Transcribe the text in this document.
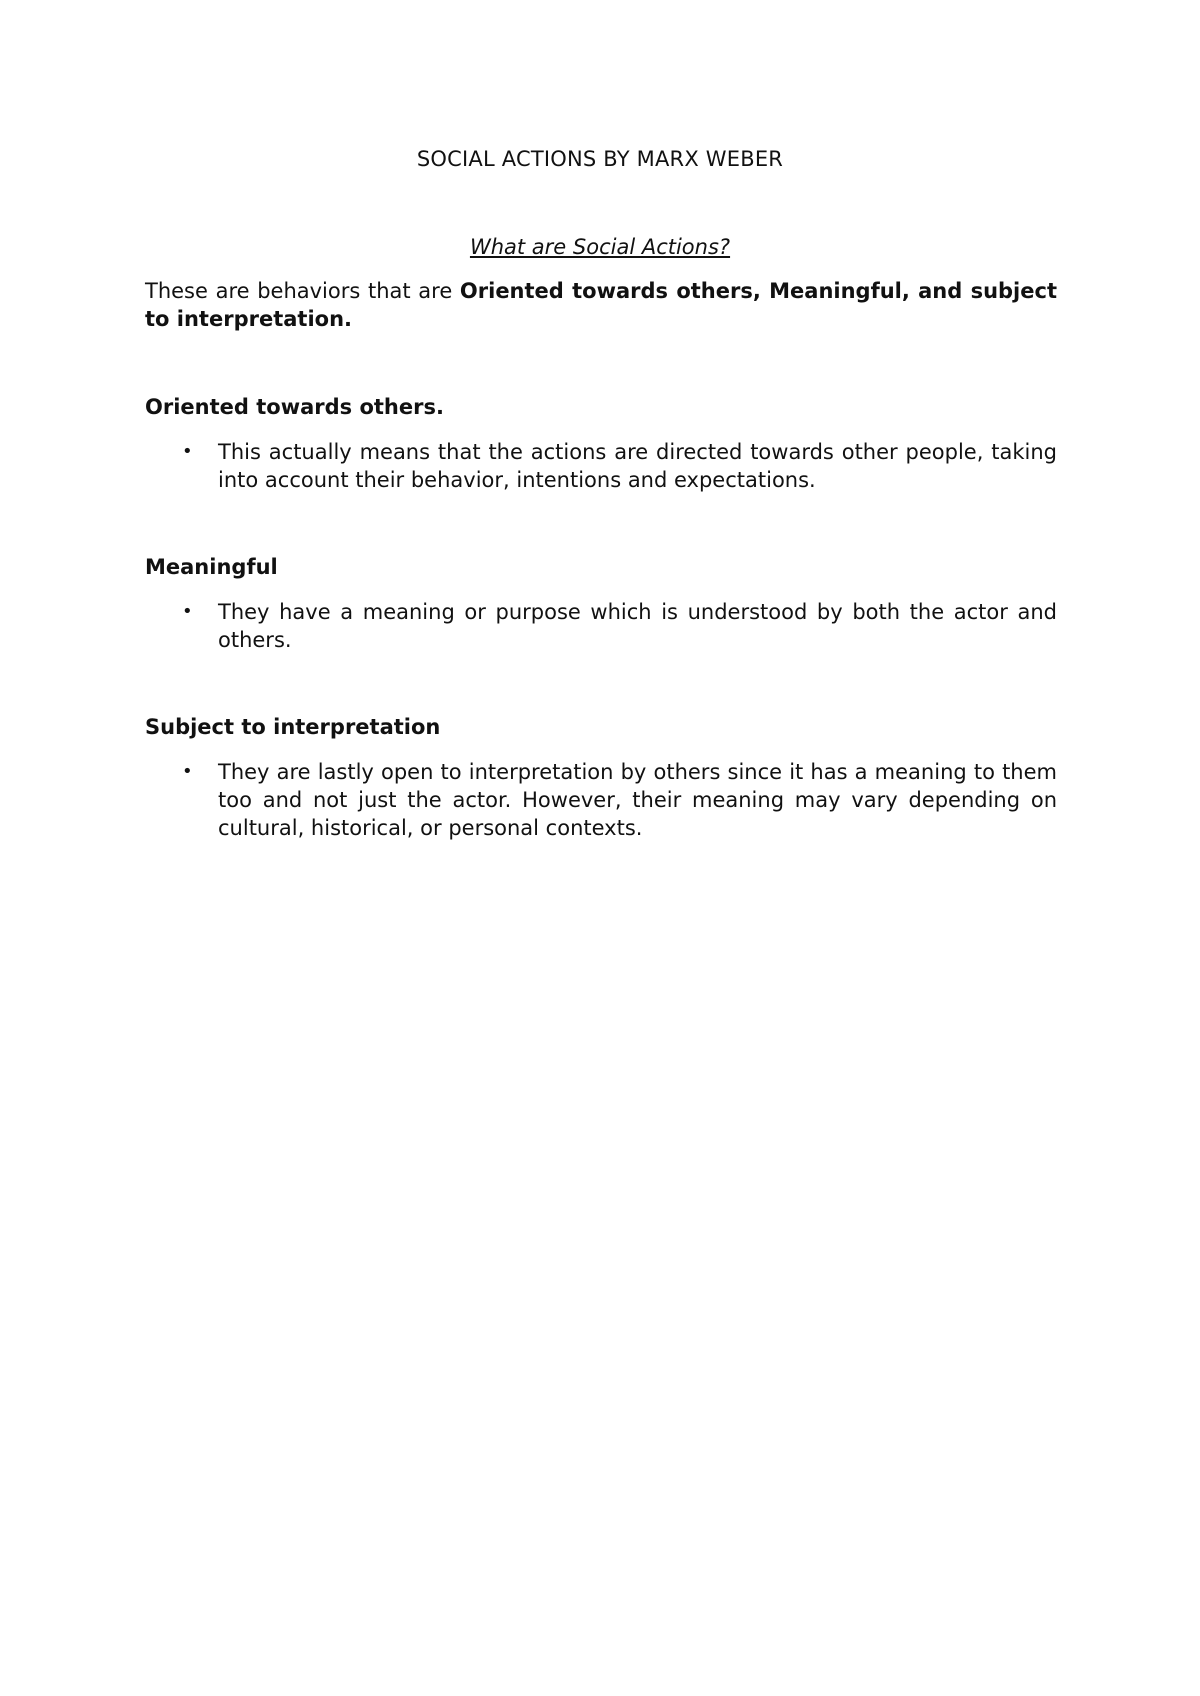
SOCIAL ACTIONS BY MARX WEBER
What are Social Actions?

These are behaviors that are Oriented towards others, Meaningful, and subject to interpretation.

Oriented towards others.
• This actually means that the actions are directed towards other people, taking into account their behavior, intentions and expectations.
Meaningful
• They have a meaning or purpose which is understood by both the actor and others.
Subject to interpretation
• They are lastly open to interpretation by others since it has a meaning to them too and not just the actor. However, their meaning may vary depending on cultural, historical, or personal contexts.
